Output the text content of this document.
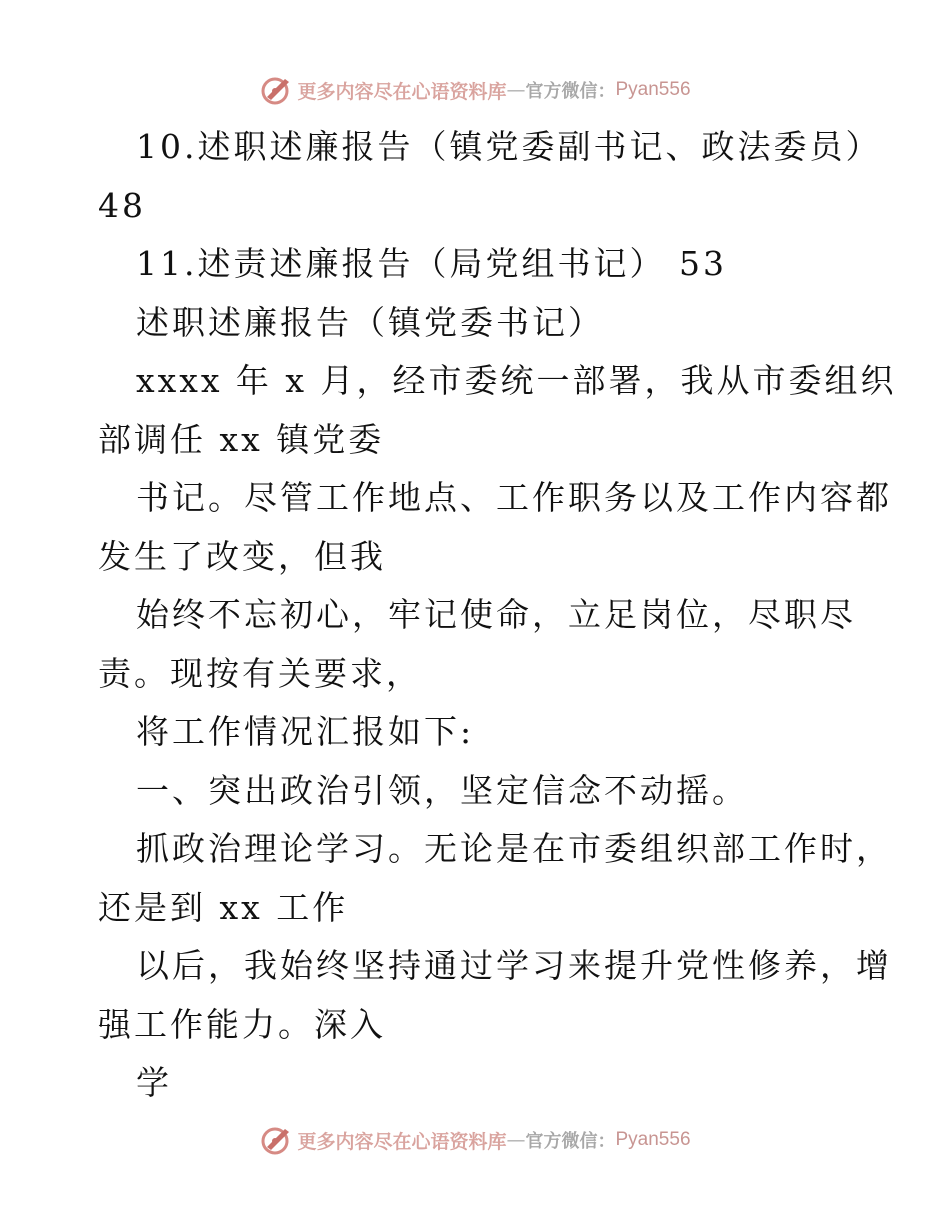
更多内容尽在心语资料库 — 官方微信： Pyan556
10.述职述廉报告（镇党委副书记、政法委员）
48
11.述责述廉报告（局党组书记） 53
述职述廉报告（镇党委书记）
xxxx 年 x 月，经市委统一部署，我从市委组织
部调任 xx 镇党委
书记。尽管工作地点、工作职务以及工作内容都
发生了改变，但我
始终不忘初心，牢记使命，立足岗位，尽职尽
责。现按有关要求，
将工作情况汇报如下:
一、突出政治引领，坚定信念不动摇。
抓政治理论学习。无论是在市委组织部工作时，
还是到 xx 工作
以后，我始终坚持通过学习来提升党性修养，增
强工作能力。深入
学
更多内容尽在心语资料库 — 官方微信： Pyan556
